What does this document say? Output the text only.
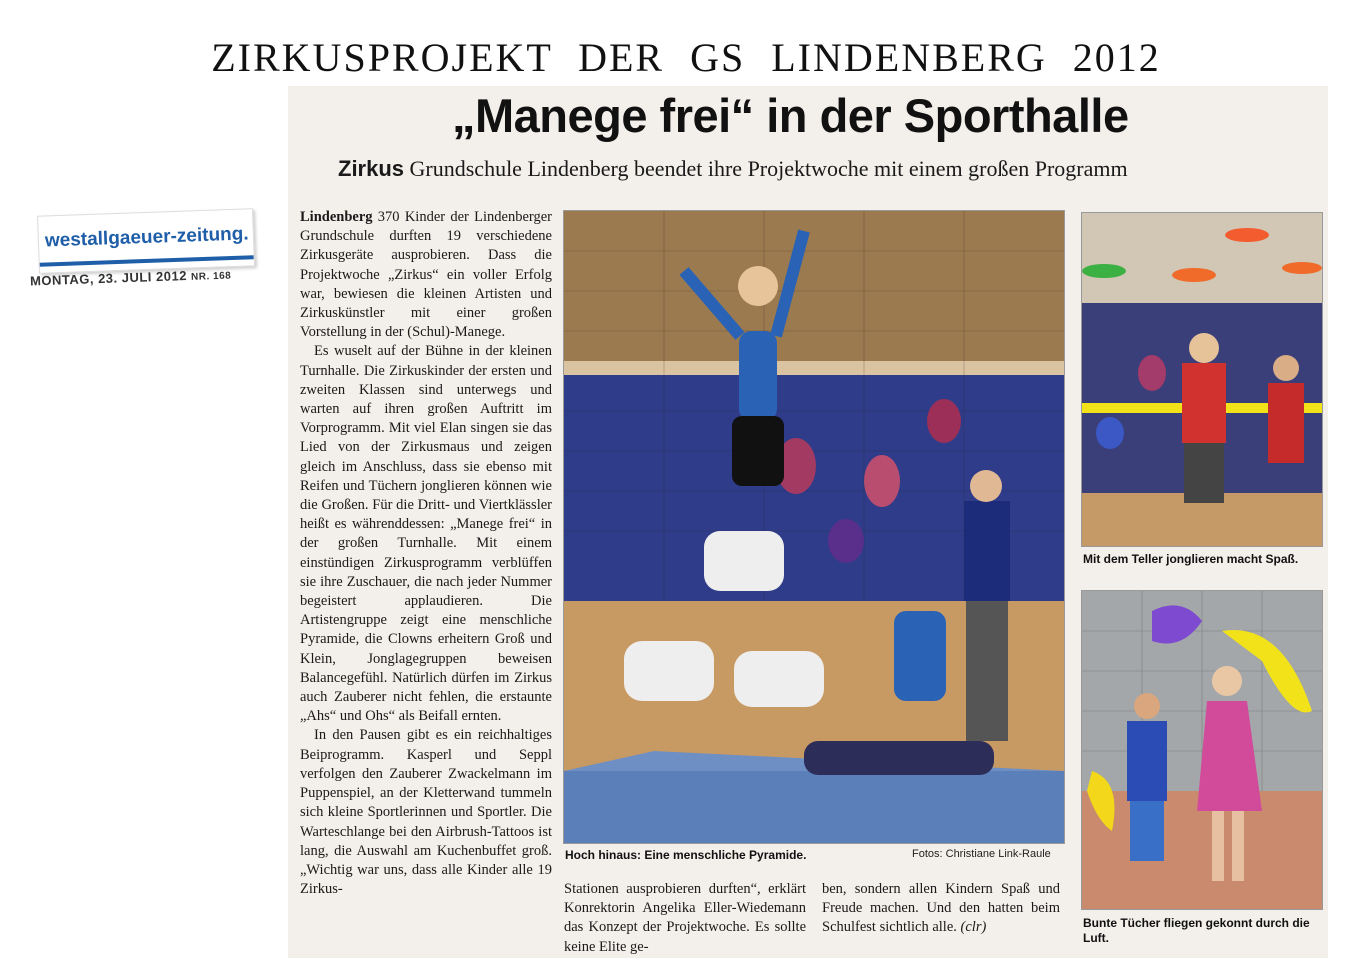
ZIRKUSPROJEKT DER GS LINDENBERG 2012
westallgaeuer-zeitung.
MONTAG, 23. JULI 2012 NR. 168
„Manege frei“ in der Sporthalle
Zirkus Grundschule Lindenberg beendet ihre Projektwoche mit einem großen Programm

Lindenberg 370 Kinder der Lindenberger Grundschule durften 19 verschiedene Zirkusgeräte ausprobieren. Dass die Projektwoche „Zirkus“ ein voller Erfolg war, bewiesen die kleinen Artisten und Zirkuskünstler mit einer großen Vorstellung in der (Schul)-Manege.

Es wuselt auf der Bühne in der kleinen Turnhalle. Die Zirkuskinder der ersten und zweiten Klassen sind unterwegs und warten auf ihren großen Auftritt im Vorprogramm. Mit viel Elan singen sie das Lied von der Zirkusmaus und zeigen gleich im Anschluss, dass sie ebenso mit Reifen und Tüchern jonglieren können wie die Großen. Für die Dritt- und Viertklässler heißt es währenddessen: „Manege frei“ in der großen Turnhalle. Mit einem einstündigen Zirkusprogramm verblüffen sie ihre Zuschauer, die nach jeder Nummer begeistert applaudieren. Die Artistengruppe zeigt eine menschliche Pyramide, die Clowns erheitern Groß und Klein, Jonglagegruppen beweisen Balancegefühl. Natürlich dürfen im Zirkus auch Zauberer nicht fehlen, die erstaunte „Ahs“ und Ohs“ als Beifall ernten.

In den Pausen gibt es ein reichhaltiges Beiprogramm. Kasperl und Seppl verfolgen den Zauberer Zwackelmann im Puppenspiel, an der Kletterwand tummeln sich kleine Sportlerinnen und Sportler. Die Warteschlange bei den Airbrush-Tattoos ist lang, die Auswahl am Kuchenbuffet groß. „Wichtig war uns, dass alle Kinder alle 19 Zirkus-

Hoch hinaus: Eine menschliche Pyramide.	Fotos: Christiane Link-Raule
Mit dem Teller jonglieren macht Spaß.
Bunte Tücher fliegen gekonnt durch die Luft.

Stationen ausprobieren durften“, erklärt Konrektorin Angelika Eller-Wiedemann das Konzept der Projektwoche. Es sollte keine Elite ge-

ben, sondern allen Kindern Spaß und Freude machen. Und den hatten beim Schulfest sichtlich alle. (clr)
